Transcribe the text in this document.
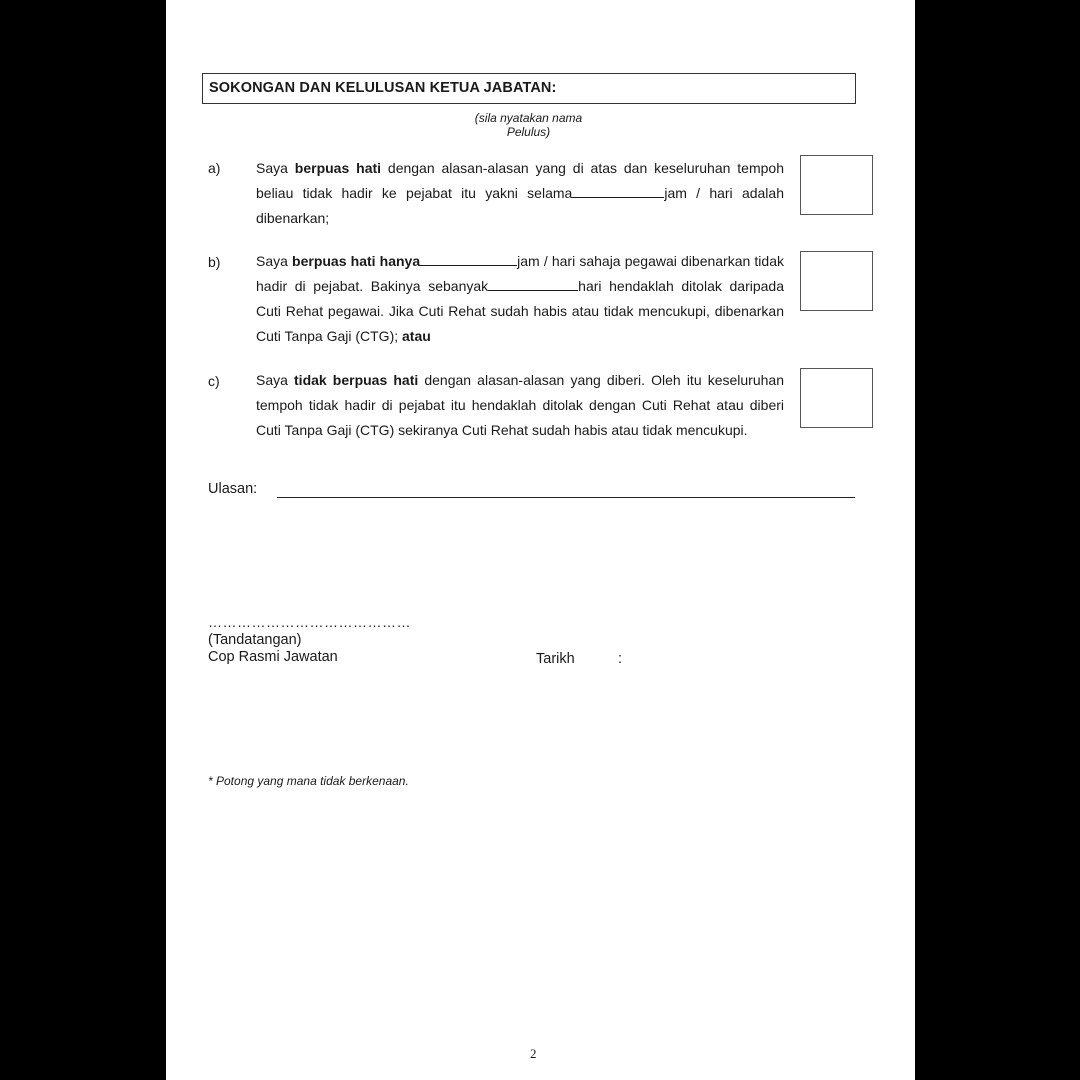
SOKONGAN DAN KELULUSAN KETUA JABATAN:
(sila nyatakan nama
Pelulus)
a)	Saya berpuas hati dengan alasan-alasan yang di atas dan keseluruhan tempoh beliau tidak hadir ke pejabat itu yakni selama	jam / hari adalah dibenarkan;
b)	Saya berpuas hati hanya	jam / hari sahaja pegawai dibenarkan tidak hadir di pejabat. Bakinya sebanyak	hari hendaklah ditolak daripada Cuti Rehat pegawai. Jika Cuti Rehat sudah habis atau tidak mencukupi, dibenarkan Cuti Tanpa Gaji (CTG); atau
c)	Saya tidak berpuas hati dengan alasan-alasan yang diberi. Oleh itu keseluruhan tempoh tidak hadir di pejabat itu hendaklah ditolak dengan Cuti Rehat atau diberi Cuti Tanpa Gaji (CTG) sekiranya Cuti Rehat sudah habis atau tidak mencukupi.
Ulasan:
……………………………………
(Tandatangan)
Cop Rasmi Jawatan	Tarikh	:
* Potong yang mana tidak berkenaan.
2
